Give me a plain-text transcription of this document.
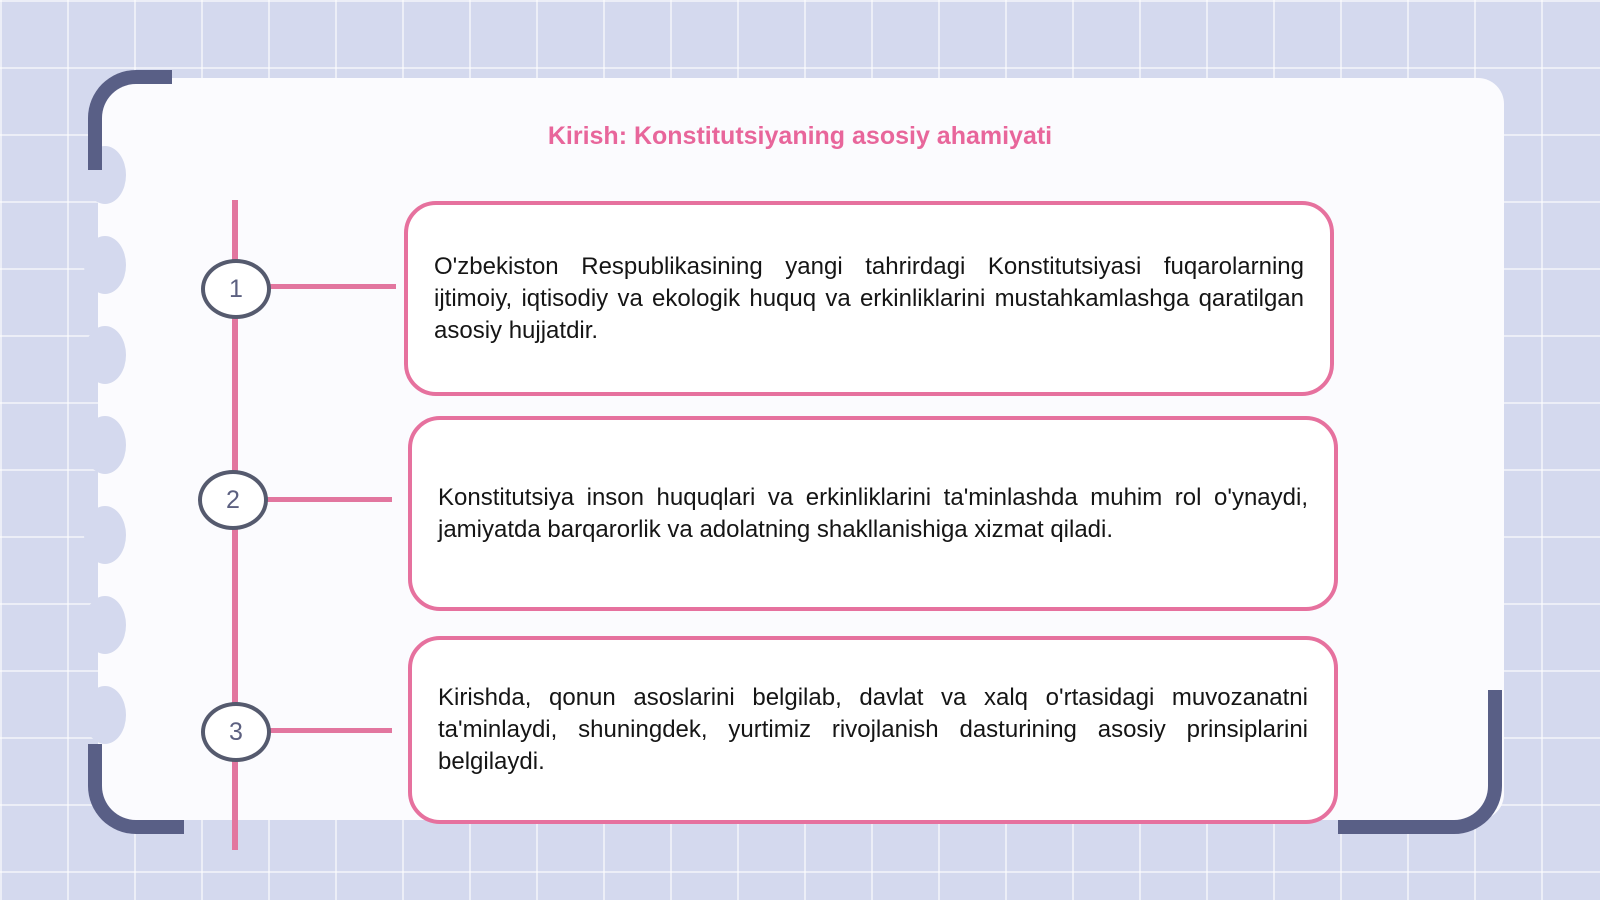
Kirish: Konstitutsiyaning asosiy ahamiyati
1
O'zbekiston Respublikasining yangi tahrirdagi Konstitutsiyasi fuqarolarning ijtimoiy, iqtisodiy va ekologik huquq va erkinliklarini mustahkamlashga qaratilgan asosiy hujjatdir.
2	Konstitutsiya inson huquqlari va erkinliklarini ta'minlashda muhim rol o'ynaydi, jamiyatda barqarorlik va adolatning shakllanishiga xizmat qiladi.
3
Kirishda, qonun asoslarini belgilab, davlat va xalq o'rtasidagi muvozanatni ta'minlaydi, shuningdek, yurtimiz rivojlanish dasturining asosiy prinsiplarini belgilaydi.
